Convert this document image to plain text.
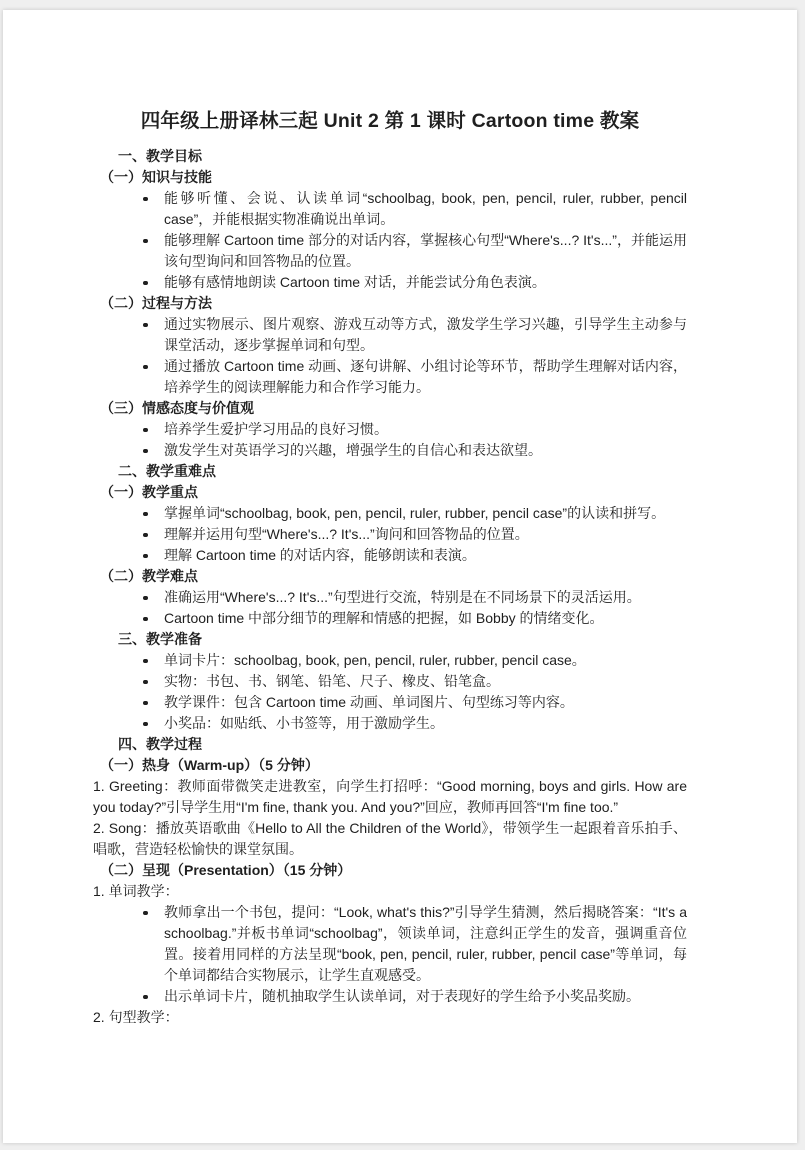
四年级上册译林三起 Unit 2 第 1 课时 Cartoon time 教案
一、教学目标
（一）知识与技能
能够听懂、会说、认读单词“schoolbag, book, pen, pencil, ruler, rubber, pencil case”，并能根据实物准确说出单词。
能够理解 Cartoon time 部分的对话内容，掌握核心句型“Where's...? It's...”，并能运用该句型询问和回答物品的位置。
能够有感情地朗读 Cartoon time 对话，并能尝试分角色表演。
（二）过程与方法
通过实物展示、图片观察、游戏互动等方式，激发学生学习兴趣，引导学生主动参与课堂活动，逐步掌握单词和句型。
通过播放 Cartoon time 动画、逐句讲解、小组讨论等环节，帮助学生理解对话内容，培养学生的阅读理解能力和合作学习能力。
（三）情感态度与价值观
培养学生爱护学习用品的良好习惯。
激发学生对英语学习的兴趣，增强学生的自信心和表达欲望。
二、教学重难点
（一）教学重点
掌握单词“schoolbag, book, pen, pencil, ruler, rubber, pencil case”的认读和拼写。
理解并运用句型“Where's...? It's...”询问和回答物品的位置。
理解 Cartoon time 的对话内容，能够朗读和表演。
（二）教学难点
准确运用“Where's...? It's...”句型进行交流，特别是在不同场景下的灵活运用。
Cartoon time 中部分细节的理解和情感的把握，如 Bobby 的情绪变化。
三、教学准备
单词卡片：schoolbag, book, pen, pencil, ruler, rubber, pencil case。
实物：书包、书、钢笔、铅笔、尺子、橡皮、铅笔盒。
教学课件：包含 Cartoon time 动画、单词图片、句型练习等内容。
小奖品：如贴纸、小书签等，用于激励学生。
四、教学过程
（一）热身（Warm-up）（5 分钟）
1. Greeting：教师面带微笑走进教室，向学生打招呼：“Good morning, boys and girls. How are you today?”引导学生用“I'm fine, thank you. And you?”回应，教师再回答“I'm fine too.”
2. Song：播放英语歌曲《Hello to All the Children of the World》，带领学生一起跟着音乐拍手、唱歌，营造轻松愉快的课堂氛围。
（二）呈现（Presentation）（15 分钟）
1. 单词教学：
教师拿出一个书包，提问：“Look, what's this?”引导学生猜测，然后揭晓答案：“It's a schoolbag.”并板书单词“schoolbag”，领读单词，注意纠正学生的发音，强调重音位置。接着用同样的方法呈现“book, pen, pencil, ruler, rubber, pencil case”等单词，每个单词都结合实物展示，让学生直观感受。
出示单词卡片，随机抽取学生认读单词，对于表现好的学生给予小奖品奖励。
2. 句型教学：
